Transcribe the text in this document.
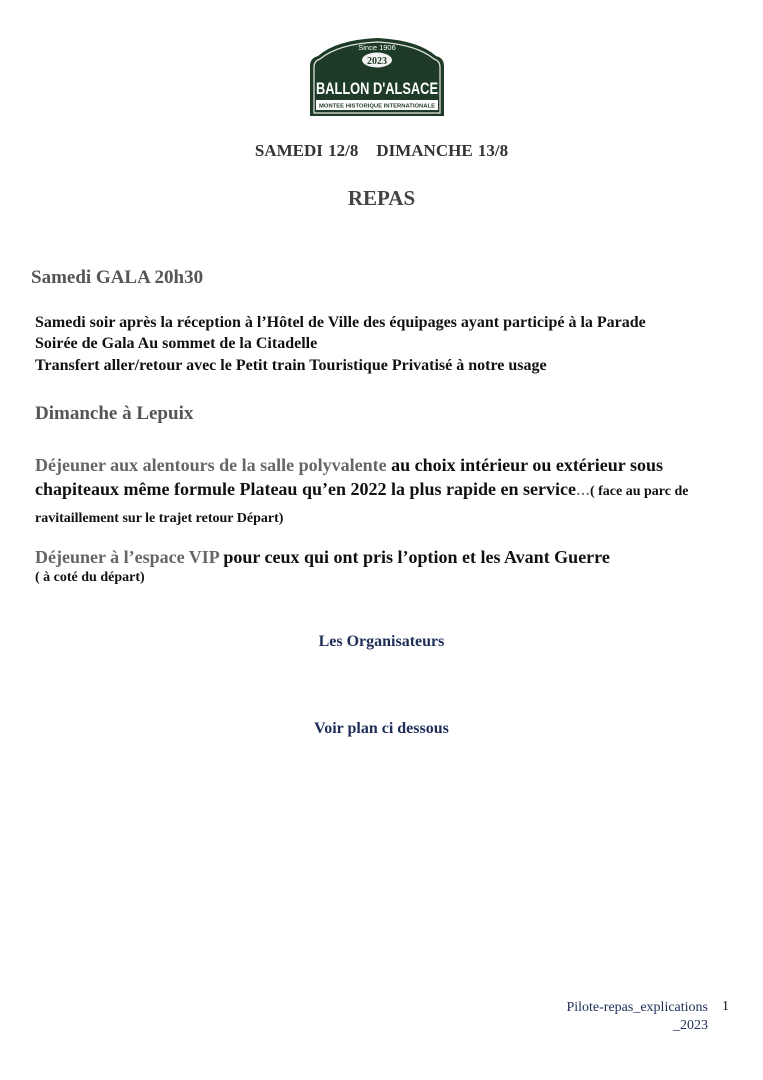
Since 1906
2023
BALLON D'ALSACE
MONTEE HISTORIQUE INTERNATIONALE
SAMEDI 12/8 DIMANCHE 13/8
REPAS
Samedi GALA 20h30
Samedi soir après la réception à l’Hôtel de Ville des équipages ayant participé à la Parade
Soirée de Gala Au sommet de la Citadelle
Transfert aller/retour avec le Petit train Touristique Privatisé à notre usage
Dimanche à Lepuix
Déjeuner aux alentours de la salle polyvalente au choix intérieur ou extérieur sous chapiteaux même formule Plateau qu’en 2022 la plus rapide en service…( face au parc de ravitaillement sur le trajet retour Départ)
Déjeuner à l’espace VIP pour ceux qui ont pris l’option et les Avant Guerre
( à coté du départ)
Les Organisateurs
Voir plan ci dessous
Pilote-repas_explications
_2023
1
